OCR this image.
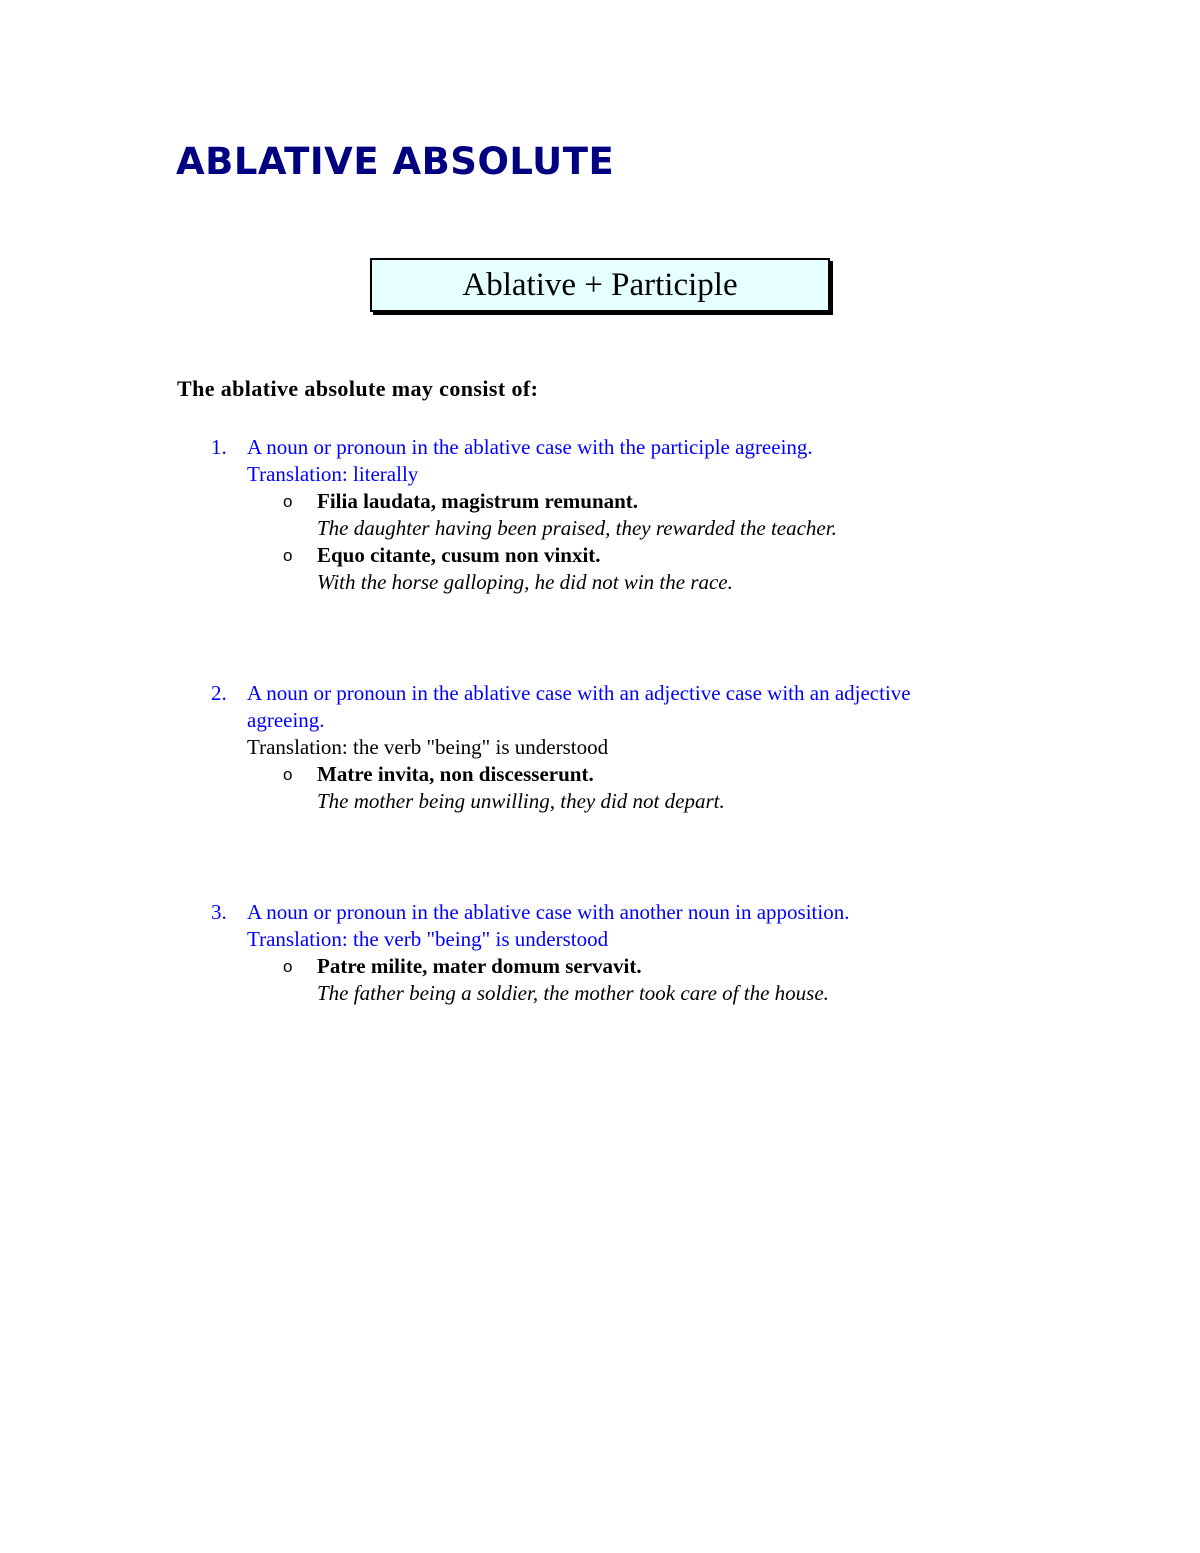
ABLATIVE ABSOLUTE
Ablative + Participle

The ablative absolute may consist of:

1. A noun or pronoun in the ablative case with the participle agreeing.
Translation: literally
o Filia laudata, magistrum remunant.
The daughter having been praised, they rewarded the teacher.
o Equo citante, cusum non vinxit.
With the horse galloping, he did not win the race.
2. A noun or pronoun in the ablative case with an adjective case with an adjective
agreeing.
Translation: the verb "being" is understood
o Matre invita, non discesserunt.
The mother being unwilling, they did not depart.
3. A noun or pronoun in the ablative case with another noun in apposition.
Translation: the verb "being" is understood
o Patre milite, mater domum servavit.
The father being a soldier, the mother took care of the house.
